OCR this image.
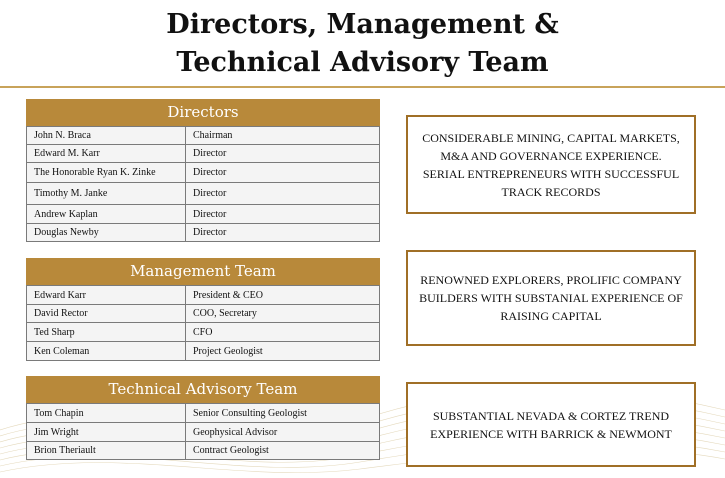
Directors, Management &
Technical Advisory Team
Directors
John N. Braca	Chairman
Edward M. Karr	Director
The Honorable Ryan K. Zinke	Director
Timothy M. Janke	Director
Andrew Kaplan	Director
Douglas Newby	Director
Management Team
Edward Karr	President & CEO
David Rector	COO, Secretary
Ted Sharp	CFO
Ken Coleman	Project Geologist
Technical Advisory Team
Tom Chapin	Senior Consulting Geologist
Jim Wright	Geophysical Advisor
Brion Theriault	Contract Geologist
CONSIDERABLE MINING, CAPITAL MARKETS, M&A AND GOVERNANCE EXPERIENCE. SERIAL ENTREPRENEURS WITH SUCCESSFUL TRACK RECORDS
RENOWNED EXPLORERS, PROLIFIC COMPANY BUILDERS WITH SUBSTANIAL EXPERIENCE OF RAISING CAPITAL
SUBSTANTIAL NEVADA & CORTEZ TREND EXPERIENCE WITH BARRICK & NEWMONT
